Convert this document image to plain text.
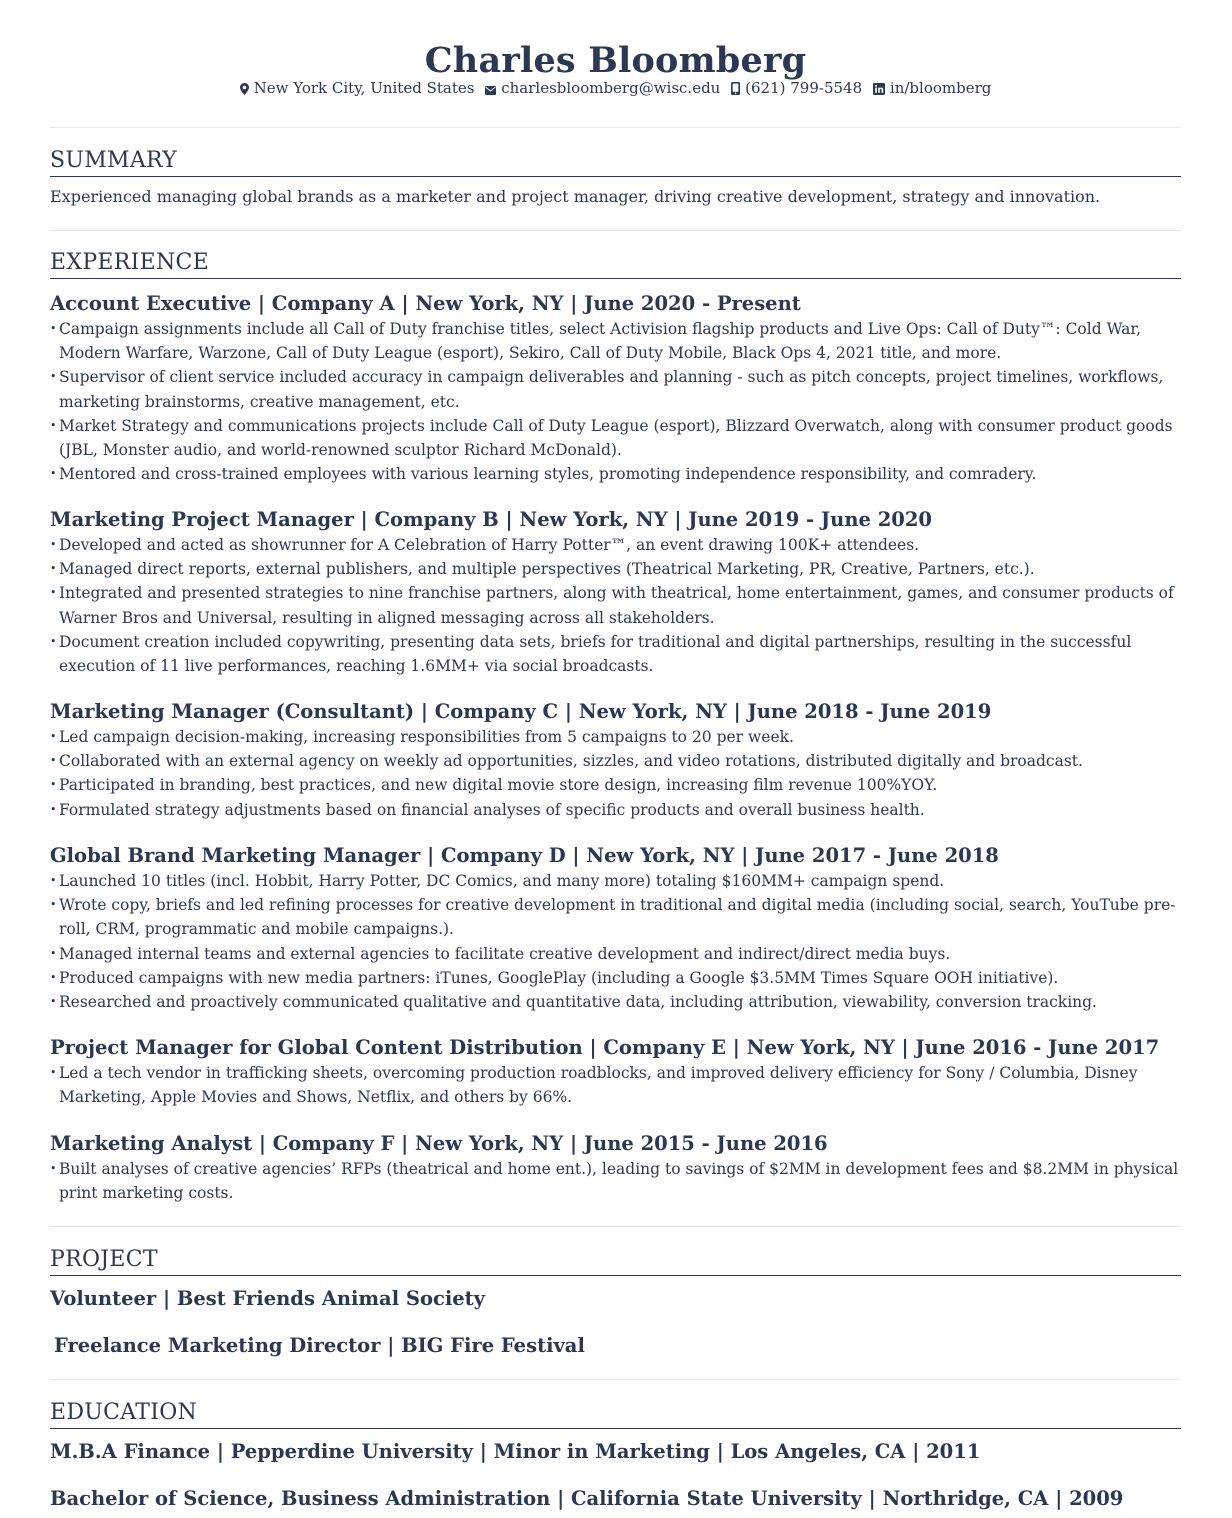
Charles Bloomberg
New York City, United States charlesbloomberg@wisc.edu (621) 799-5548 in/bloomberg
SUMMARY
Experienced managing global brands as a marketer and project manager, driving creative development, strategy and innovation.
EXPERIENCE
Account Executive | Company A | New York, NY | June 2020 - Present
• Campaign assignments include all Call of Duty franchise titles, select Activision flagship products and Live Ops: Call of Duty™: Cold War, Modern Warfare, Warzone, Call of Duty League (esport), Sekiro, Call of Duty Mobile, Black Ops 4, 2021 title, and more.
• Supervisor of client service included accuracy in campaign deliverables and planning - such as pitch concepts, project timelines, workflows, marketing brainstorms, creative management, etc.
• Market Strategy and communications projects include Call of Duty League (esport), Blizzard Overwatch, along with consumer product goods (JBL, Monster audio, and world-renowned sculptor Richard McDonald).
• Mentored and cross-trained employees with various learning styles, promoting independence responsibility, and comradery.
Marketing Project Manager | Company B | New York, NY | June 2019 - June 2020
• Developed and acted as showrunner for A Celebration of Harry Potter™, an event drawing 100K+ attendees.
• Managed direct reports, external publishers, and multiple perspectives (Theatrical Marketing, PR, Creative, Partners, etc.).
• Integrated and presented strategies to nine franchise partners, along with theatrical, home entertainment, games, and consumer products of Warner Bros and Universal, resulting in aligned messaging across all stakeholders.
• Document creation included copywriting, presenting data sets, briefs for traditional and digital partnerships, resulting in the successful execution of 11 live performances, reaching 1.6MM+ via social broadcasts.
Marketing Manager (Consultant) | Company C | New York, NY | June 2018 - June 2019
• Led campaign decision-making, increasing responsibilities from 5 campaigns to 20 per week.
• Collaborated with an external agency on weekly ad opportunities, sizzles, and video rotations, distributed digitally and broadcast.
• Participated in branding, best practices, and new digital movie store design, increasing film revenue 100%YOY.
• Formulated strategy adjustments based on financial analyses of specific products and overall business health.
Global Brand Marketing Manager | Company D | New York, NY | June 2017 - June 2018
• Launched 10 titles (incl. Hobbit, Harry Potter, DC Comics, and many more) totaling $160MM+ campaign spend.
• Wrote copy, briefs and led refining processes for creative development in traditional and digital media (including social, search, YouTube pre-roll, CRM, programmatic and mobile campaigns.).
• Managed internal teams and external agencies to facilitate creative development and indirect/direct media buys.
• Produced campaigns with new media partners: iTunes, GooglePlay (including a Google $3.5MM Times Square OOH initiative).
• Researched and proactively communicated qualitative and quantitative data, including attribution, viewability, conversion tracking.
Project Manager for Global Content Distribution | Company E | New York, NY | June 2016 - June 2017
• Led a tech vendor in trafficking sheets, overcoming production roadblocks, and improved delivery efficiency for Sony / Columbia, Disney Marketing, Apple Movies and Shows, Netflix, and others by 66%.
Marketing Analyst | Company F | New York, NY | June 2015 - June 2016
• Built analyses of creative agencies’ RFPs (theatrical and home ent.), leading to savings of $2MM in development fees and $8.2MM in physical print marketing costs.
PROJECT
Volunteer | Best Friends Animal Society
Freelance Marketing Director | BIG Fire Festival
EDUCATION
M.B.A Finance | Pepperdine University | Minor in Marketing | Los Angeles, CA | 2011
Bachelor of Science, Business Administration | California State University | Northridge, CA | 2009
